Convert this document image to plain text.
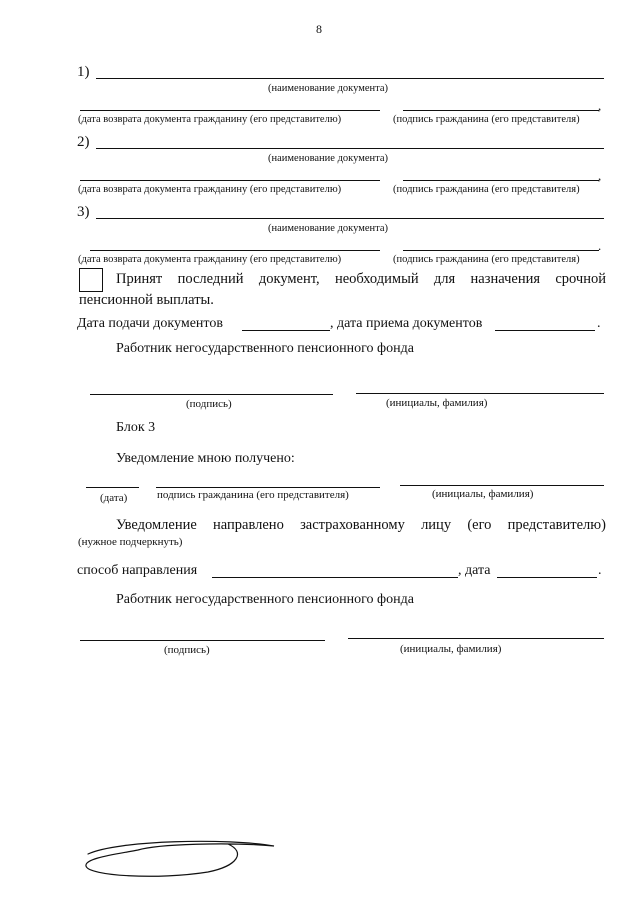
8
1)
(наименование документа)
,
(дата возврата документа гражданину (его представителю)	(подпись гражданина (его представителя)
2)
(наименование документа)
,
(дата возврата документа гражданину (его представителю)	(подпись гражданина (его представителя)
3)
(наименование документа)
.
(дата возврата документа гражданину (его представителю)	(подпись гражданина (его представителя)
Принят последний документ, необходимый для назначения срочной
пенсионной выплаты.
Дата подачи документов	, дата приема документов	.
Работник негосударственного пенсионного фонда
(подпись)	(инициалы, фамилия)
Блок 3
Уведомление мною получено:
(дата)	подпись гражданина (его представителя)	(инициалы, фамилия)
Уведомление направлено застрахованному лицу (его представителю)
(нужное подчеркнуть)
способ направления	, дата	.
Работник негосударственного пенсионного фонда
(подпись)	(инициалы, фамилия)
